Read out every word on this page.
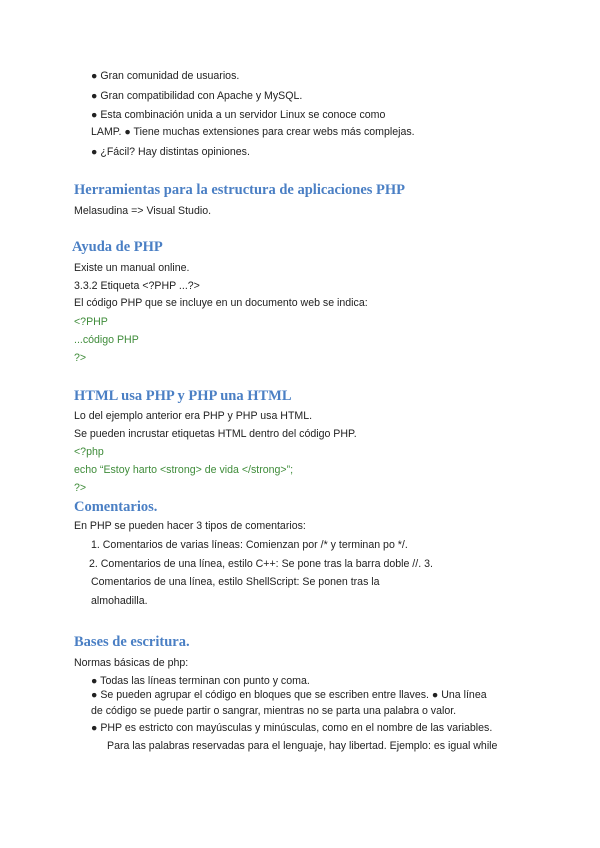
● Gran comunidad de usuarios.
● Gran compatibilidad con Apache y MySQL.
● Esta combinación unida a un servidor Linux se conoce como
LAMP. ● Tiene muchas extensiones para crear webs más complejas.
● ¿Fácil? Hay distintas opiniones.
Herramientas para la estructura de aplicaciones PHP
Melasudina => Visual Studio.
Ayuda de PHP
Existe un manual online.
3.3.2 Etiqueta <?PHP ...?>
El código PHP que se incluye en un documento web se indica:
<?PHP
...código PHP
?>
HTML usa PHP y PHP una HTML
Lo del ejemplo anterior era PHP y PHP usa HTML.
Se pueden incrustar etiquetas HTML dentro del código PHP.
<?php
echo “Estoy harto <strong> de vida </strong>”;
?>
Comentarios.
En PHP se pueden hacer 3 tipos de comentarios:
1. Comentarios de varias líneas: Comienzan por /* y terminan po */.
2. Comentarios de una línea, estilo C++: Se pone tras la barra doble //. 3.
Comentarios de una línea, estilo ShellScript: Se ponen tras la
almohadilla.
Bases de escritura.
Normas básicas de php:
● Todas las líneas terminan con punto y coma.
● Se pueden agrupar el código en bloques que se escriben entre llaves. ● Una línea
de código se puede partir o sangrar, mientras no se parta una palabra o valor.
● PHP es estricto con mayúsculas y minúsculas, como en el nombre de las variables.
Para las palabras reservadas para el lenguaje, hay libertad. Ejemplo: es igual while
